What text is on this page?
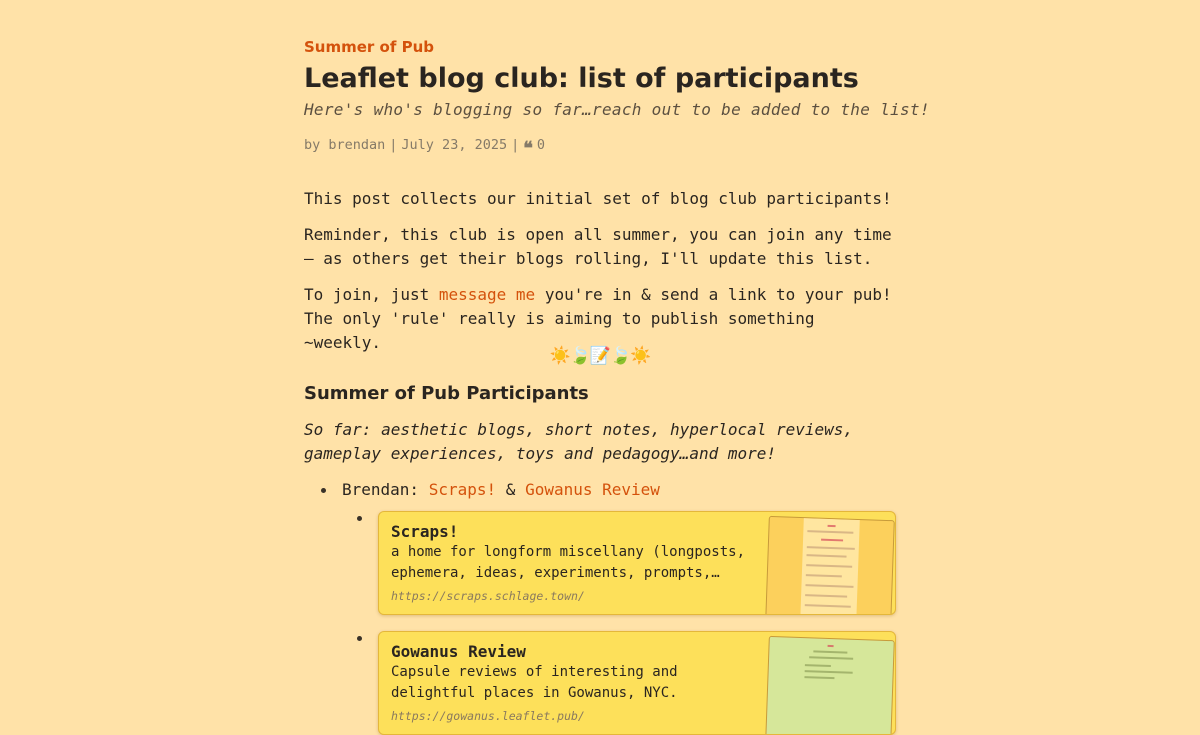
Summer of Pub
Leaflet blog club: list of participants
Here's who's blogging so far…reach out to be added to the list!
by brendan | July 23, 2025 | ❝ 0

This post collects our initial set of blog club participants!

Reminder, this club is open all summer, you can join any time — as others get their blogs rolling, I'll update this list.

To join, just message me you're in & send a link to your pub! The only 'rule' really is aiming to publish something ~weekly.

☀️🍃📝🍃☀️
Summer of Pub Participants

So far: aesthetic blogs, short notes, hyperlocal reviews, gameplay experiences, toys and pedagogy…and more!

Brendan: Scraps! & Gowanus Review
Scraps!
a home for longform miscellany (longposts, ephemera, ideas, experiments, prompts,…
https://scraps.schlage.town/
Gowanus Review
Capsule reviews of interesting and delightful places in Gowanus, NYC.
https://gowanus.leaflet.pub/
